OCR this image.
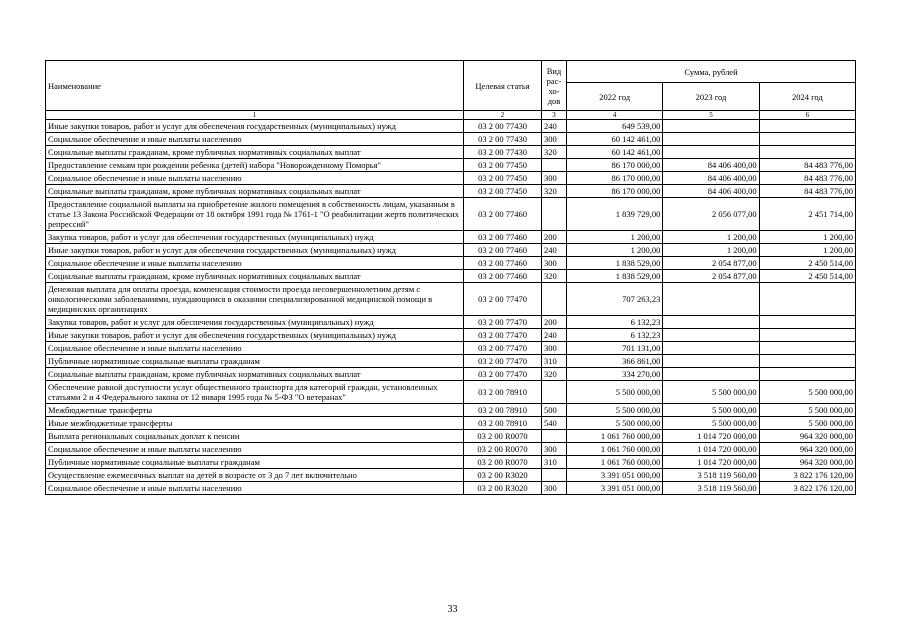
Наименование	Целевая статья	Вид рас-хо-дов	Сумма, рублей		
			2022 год	2023 год	2024 год
1	2	3	4	5	6
Иные закупки товаров, работ и услуг для обеспечения государственных (муниципальных) нужд	03 2 00 77430	240	649 539,00		
Социальное обеспечение и иные выплаты населению	03 2 00 77430	300	60 142 461,00		
Социальные выплаты гражданам, кроме публичных нормативных социальных выплат	03 2 00 77430	320	60 142 461,00		
Предоставление семьям при рождении ребенка (детей) набора "Новорожденному Поморья"	03 2 00 77450		86 170 000,00	84 406 400,00	84 483 776,00
Социальное обеспечение и иные выплаты населению	03 2 00 77450	300	86 170 000,00	84 406 400,00	84 483 776,00
Социальные выплаты гражданам, кроме публичных нормативных социальных выплат	03 2 00 77450	320	86 170 000,00	84 406 400,00	84 483 776,00
Предоставление социальной выплаты на приобретение жилого помещения в собственность лицам, указанным в статье 13 Закона Российской Федерации от 18 октября 1991 года № 1761-1 "О реабилитации жертв политических репрессий"	03 2 00 77460		1 839 729,00	2 056 077,00	2 451 714,00
Закупка товаров, работ и услуг для обеспечения государственных (муниципальных) нужд	03 2 00 77460	200	1 200,00	1 200,00	1 200,00
Иные закупки товаров, работ и услуг для обеспечения государственных (муниципальных) нужд	03 2 00 77460	240	1 200,00	1 200,00	1 200,00
Социальное обеспечение и иные выплаты населению	03 2 00 77460	300	1 838 529,00	2 054 877,00	2 450 514,00
Социальные выплаты гражданам, кроме публичных нормативных социальных выплат	03 2 00 77460	320	1 838 529,00	2 054 877,00	2 450 514,00
Денежная выплата для оплаты проезда, компенсация стоимости проезда несовершеннолетним детям с онкологическими заболеваниями, нуждающимся в оказании специализированной медицинской помощи в медицинских организациях	03 2 00 77470		707 263,23		
Закупка товаров, работ и услуг для обеспечения государственных (муниципальных) нужд	03 2 00 77470	200	6 132,23		
Иные закупки товаров, работ и услуг для обеспечения государственных (муниципальных) нужд	03 2 00 77470	240	6 132,23		
Социальное обеспечение и иные выплаты населению	03 2 00 77470	300	701 131,00		
Публичные нормативные социальные выплаты гражданам	03 2 00 77470	310	366 861,00		
Социальные выплаты гражданам, кроме публичных нормативных социальных выплат	03 2 00 77470	320	334 270,00		
Обеспечение равной доступности услуг общественного транспорта для категорий граждан, установленных статьями 2 и 4 Федерального закона от 12 января 1995 года № 5-ФЗ "О ветеранах"	03 2 00 78910		5 500 000,00	5 500 000,00	5 500 000,00
Межбюджетные трансферты	03 2 00 78910	500	5 500 000,00	5 500 000,00	5 500 000,00
Иные межбюджетные трансферты	03 2 00 78910	540	5 500 000,00	5 500 000,00	5 500 000,00
Выплата региональных социальных доплат к пенсии	03 2 00 R0070		1 061 760 000,00	1 014 720 000,00	964 320 000,00
Социальное обеспечение и иные выплаты населению	03 2 00 R0070	300	1 061 760 000,00	1 014 720 000,00	964 320 000,00
Публичные нормативные социальные выплаты гражданам	03 2 00 R0070	310	1 061 760 000,00	1 014 720 000,00	964 320 000,00
Осуществление ежемесячных выплат на детей в возрасте от 3 до 7 лет включительно	03 2 00 R3020		3 391 051 000,00	3 518 119 560,00	3 822 176 120,00
Социальное обеспечение и иные выплаты населению	03 2 00 R3020	300	3 391 051 000,00	3 518 119 560,00	3 822 176 120,00
33
